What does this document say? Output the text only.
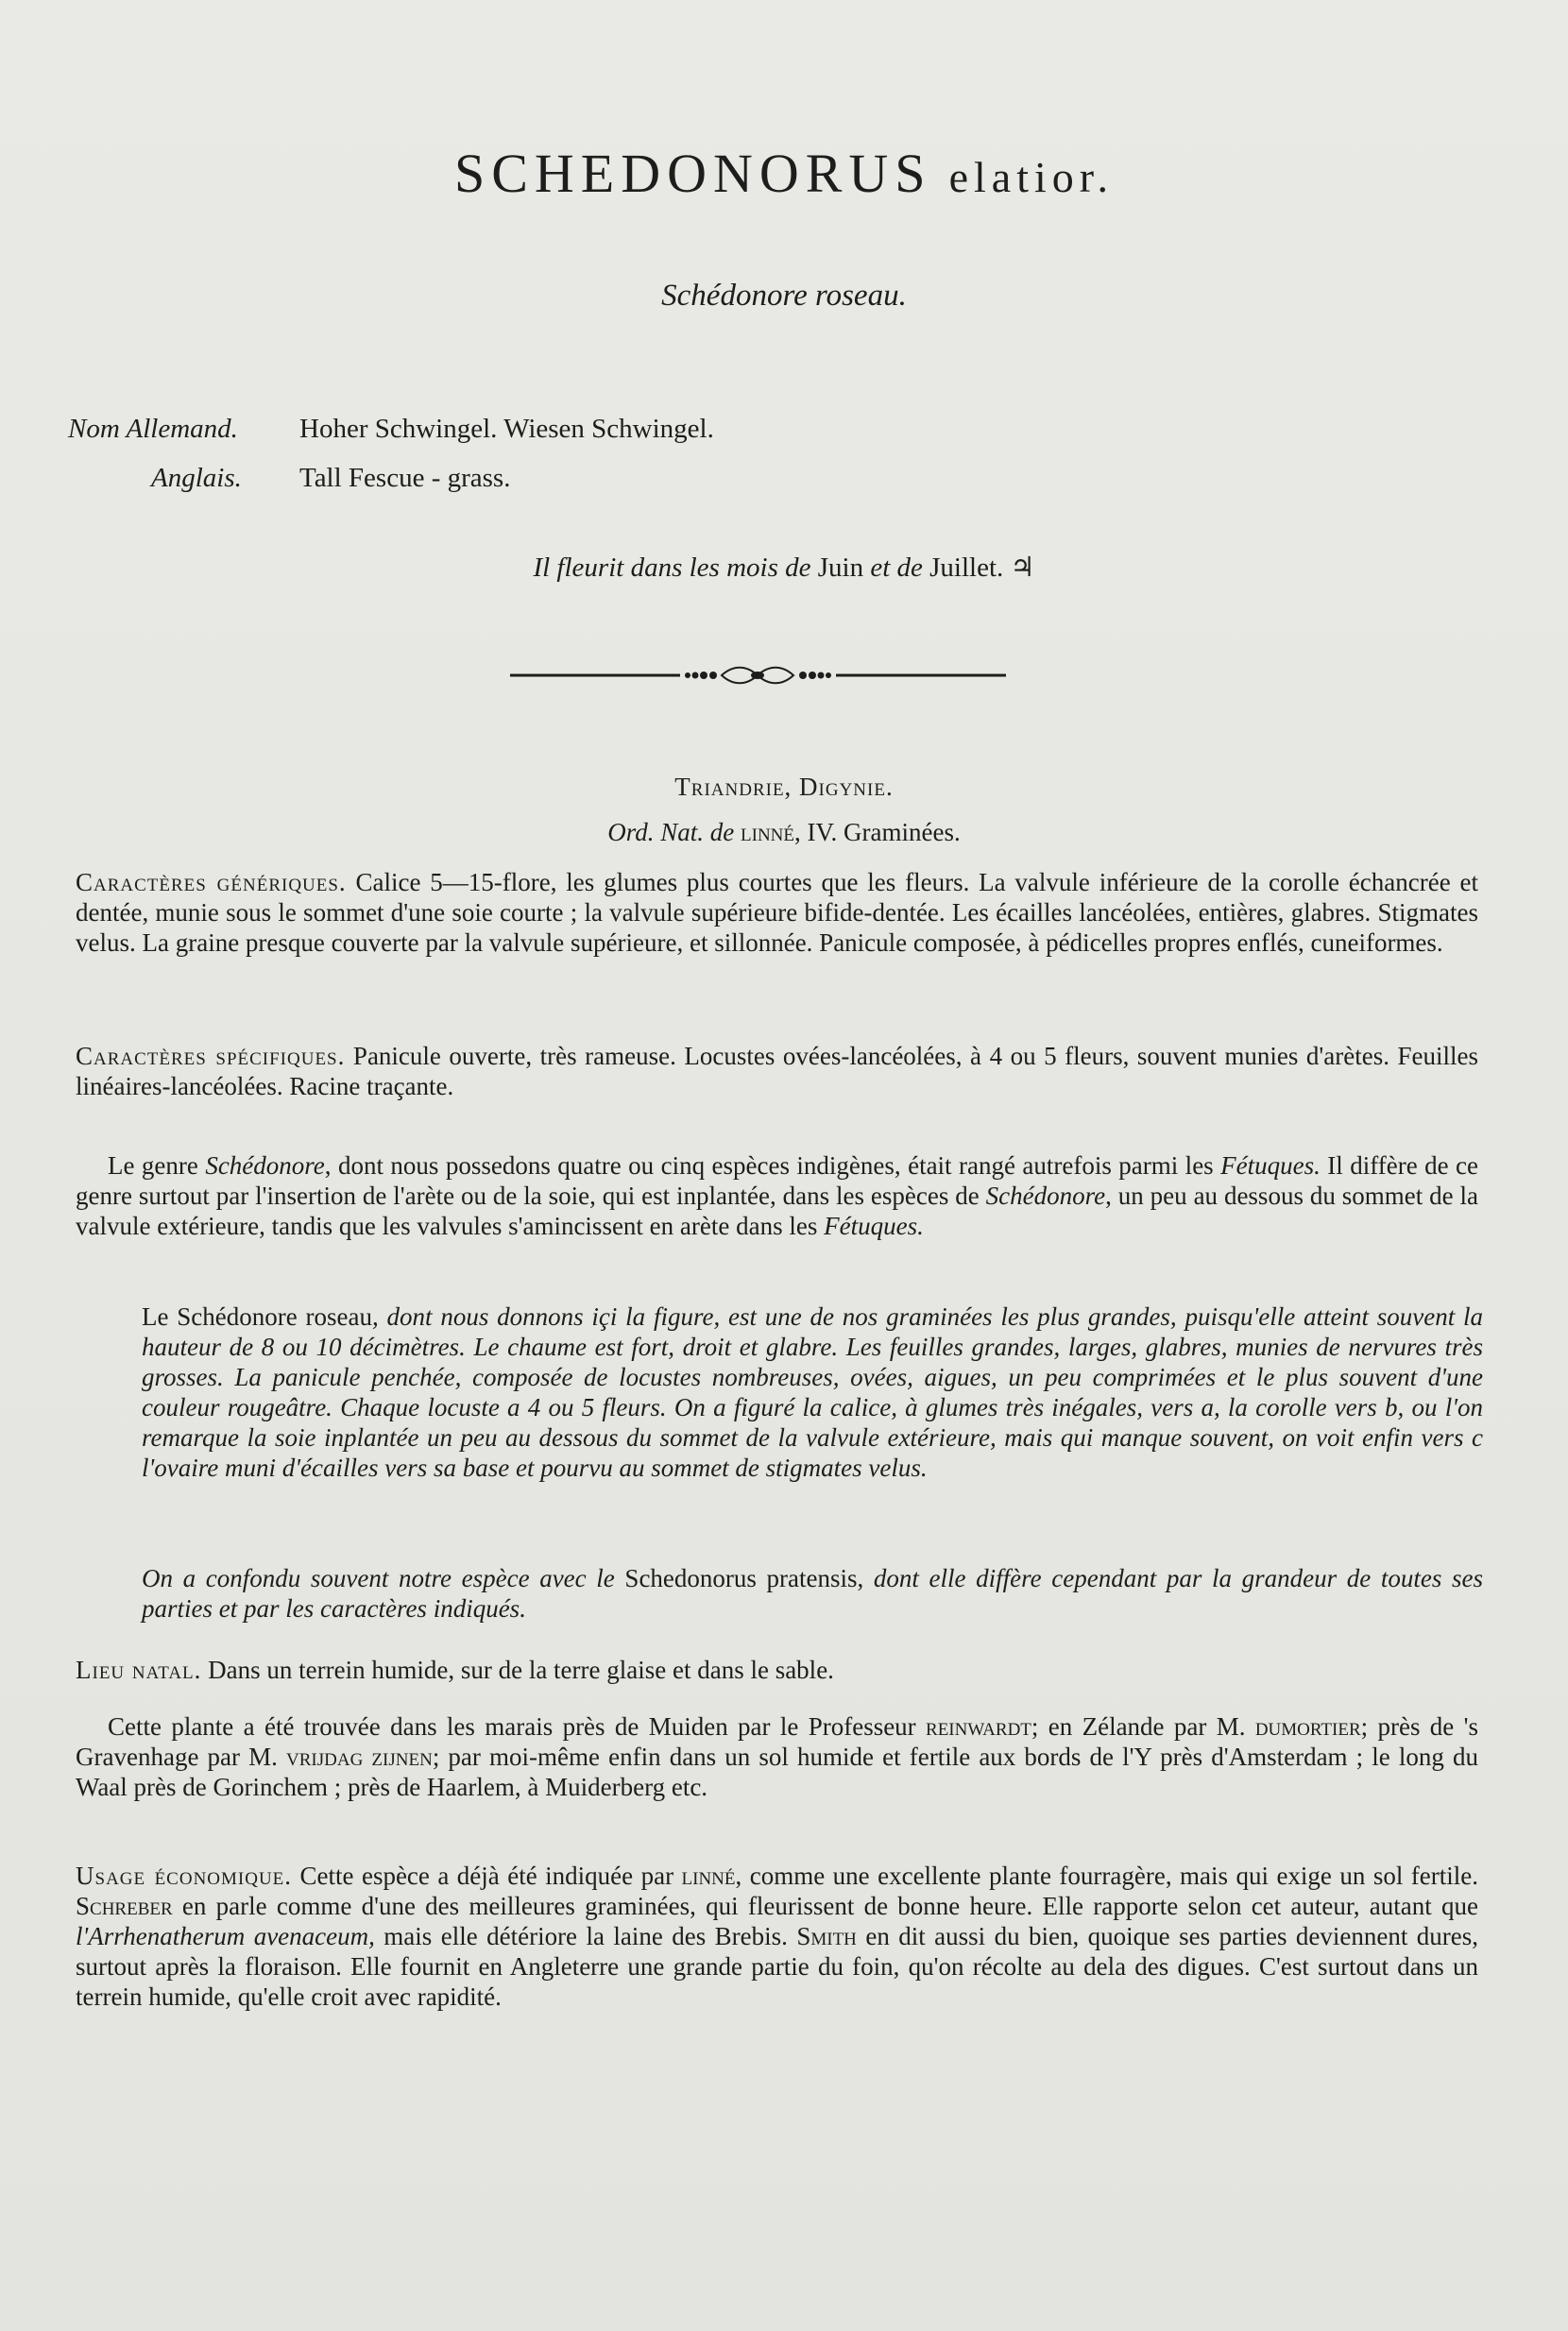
SCHEDONORUS elatior.
Schédonore roseau.
Nom Allemand. Hoher Schwingel. Wiesen Schwingel.
Anglais. Tall Fescue - grass.
Il fleurit dans les mois de Juin et de Juillet. ♃
Triandrie, Digynie.
Ord. Nat. de linné, IV. Graminées.
Caractères génériques. Calice 5—15-flore, les glumes plus courtes que les fleurs. La valvule inférieure de la corolle échancrée et dentée, munie sous le sommet d'une soie courte ; la valvule supérieure bifide-dentée. Les écailles lancéolées, entières, glabres. Stigmates velus. La graine presque couverte par la valvule supérieure, et sillonnée. Panicule composée, à pédicelles propres enflés, cuneiformes.
Caractères spécifiques. Panicule ouverte, très rameuse. Locustes ovées-lancéolées, à 4 ou 5 fleurs, souvent munies d'arètes. Feuilles linéaires-lancéolées. Racine traçante.
Le genre Schédonore, dont nous possedons quatre ou cinq espèces indigènes, était rangé autrefois parmi les Fétuques. Il diffère de ce genre surtout par l'insertion de l'arète ou de la soie, qui est inplantée, dans les espèces de Schédonore, un peu au dessous du sommet de la valvule extérieure, tandis que les valvules s'amincissent en arète dans les Fétuques.
Le Schédonore roseau, dont nous donnons içi la figure, est une de nos graminées les plus grandes, puisqu'elle atteint souvent la hauteur de 8 ou 10 décimètres. Le chaume est fort, droit et glabre. Les feuilles grandes, larges, glabres, munies de nervures très grosses. La panicule penchée, composée de locustes nombreuses, ovées, aigues, un peu comprimées et le plus souvent d'une couleur rougeâtre. Chaque locuste a 4 ou 5 fleurs. On a figuré la calice, à glumes très inégales, vers a, la corolle vers b, ou l'on remarque la soie inplantée un peu au dessous du sommet de la valvule extérieure, mais qui manque souvent, on voit enfin vers c l'ovaire muni d'écailles vers sa base et pourvu au sommet de stigmates velus.
On a confondu souvent notre espèce avec le Schedonorus pratensis, dont elle diffère cependant par la grandeur de toutes ses parties et par les caractères indiqués.
Lieu natal. Dans un terrein humide, sur de la terre glaise et dans le sable.
Cette plante a été trouvée dans les marais près de Muiden par le Professeur reinwardt; en Zélande par M. dumortier; près de 's Gravenhage par M. vrijdag zijnen; par moi-même enfin dans un sol humide et fertile aux bords de l'Y près d'Amsterdam ; le long du Waal près de Gorinchem ; près de Haarlem, à Muiderberg etc.
Usage économique. Cette espèce a déjà été indiquée par linné, comme une excellente plante fourragère, mais qui exige un sol fertile. Schreber en parle comme d'une des meilleures graminées, qui fleurissent de bonne heure. Elle rapporte selon cet auteur, autant que l'Arrhenatherum avenaceum, mais elle détériore la laine des Brebis. Smith en dit aussi du bien, quoique ses parties deviennent dures, surtout après la floraison. Elle fournit en Angleterre une grande partie du foin, qu'on récolte au dela des digues. C'est surtout dans un terrein humide, qu'elle croit avec rapidité.
